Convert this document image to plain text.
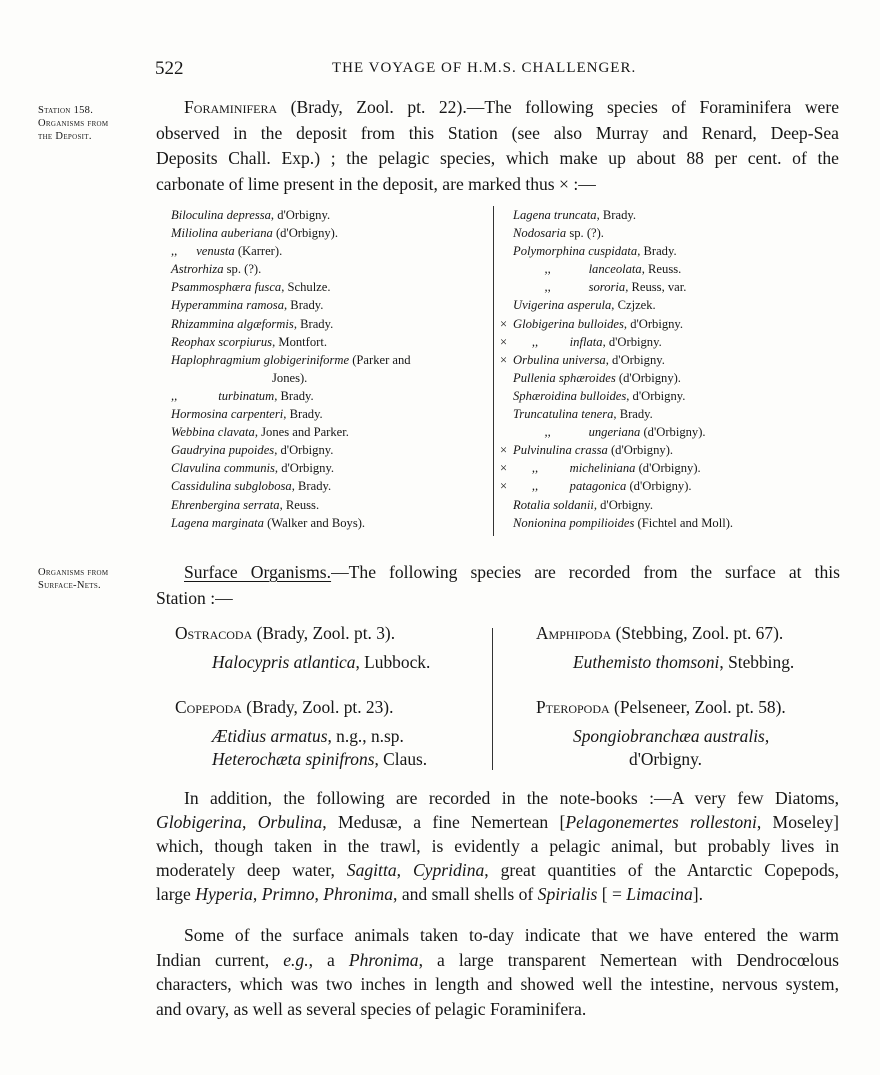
522	THE VOYAGE OF H.M.S. CHALLENGER.
Station 158.
Organisms from
the Deposit.
Organisms from
Surface-Nets.
Foraminifera (Brady, Zool. pt. 22).—The following species of Foraminifera were
observed in the deposit from this Station (see also Murray and Renard, Deep-Sea
Deposits Chall. Exp.) ; the pelagic species, which make up about 88 per cent. of the
carbonate of lime present in the deposit, are marked thus × :—
Biloculina depressa, d'Orbigny.
Miliolina auberiana (d'Orbigny).
,,      venusta (Karrer).
Astrorhiza sp. (?).
Psammosphæra fusca, Schulze.
Hyperammina ramosa, Brady.
Rhizammina algæformis, Brady.
Reophax scorpiurus, Montfort.
Haplophragmium globigeriniforme (Parker and
Jones).
,,             turbinatum, Brady.
Hormosina carpenteri, Brady.
Webbina clavata, Jones and Parker.
Gaudryina pupoides, d'Orbigny.
Clavulina communis, d'Orbigny.
Cassidulina subglobosa, Brady.
Ehrenbergina serrata, Reuss.
Lagena marginata (Walker and Boys).
Lagena truncata, Brady.
Nodosaria sp. (?).
Polymorphina cuspidata, Brady.
,,            lanceolata, Reuss.
,,            sororia, Reuss, var.
Uvigerina asperula, Czjzek.
× Globigerina bulloides, d'Orbigny.
×      ,,          inflata, d'Orbigny.
× Orbulina universa, d'Orbigny.
Pullenia sphæroides (d'Orbigny).
Sphæroidina bulloides, d'Orbigny.
Truncatulina tenera, Brady.
,,            ungeriana (d'Orbigny).
× Pulvinulina crassa (d'Orbigny).
×      ,,          micheliniana (d'Orbigny).
×      ,,          patagonica (d'Orbigny).
Rotalia soldanii, d'Orbigny.
Nonionina pompilioides (Fichtel and Moll).
Surface Organisms.—The following species are recorded from the surface at this
Station :—
Ostracoda (Brady, Zool. pt. 3).
Halocypris atlantica, Lubbock.
Copepoda (Brady, Zool. pt. 23).
Ætidius armatus, n.g., n.sp.
Heterochæta spinifrons, Claus.
Amphipoda (Stebbing, Zool. pt. 67).
Euthemisto thomsoni, Stebbing.
Pteropoda (Pelseneer, Zool. pt. 58).
Spongiobranchæa australis,
d'Orbigny.
In addition, the following are recorded in the note-books :—A very few Diatoms,
Globigerina, Orbulina, Medusæ, a fine Nemertean [Pelagonemertes rollestoni, Moseley]
which, though taken in the trawl, is evidently a pelagic animal, but probably lives in
moderately deep water, Sagitta, Cypridina, great quantities of the Antarctic Copepods,
large Hyperia, Primno, Phronima, and small shells of Spirialis [ = Limacina].
Some of the surface animals taken to-day indicate that we have entered the warm
Indian current, e.g., a Phronima, a large transparent Nemertean with Dendrocœlous
characters, which was two inches in length and showed well the intestine, nervous system,
and ovary, as well as several species of pelagic Foraminifera.
